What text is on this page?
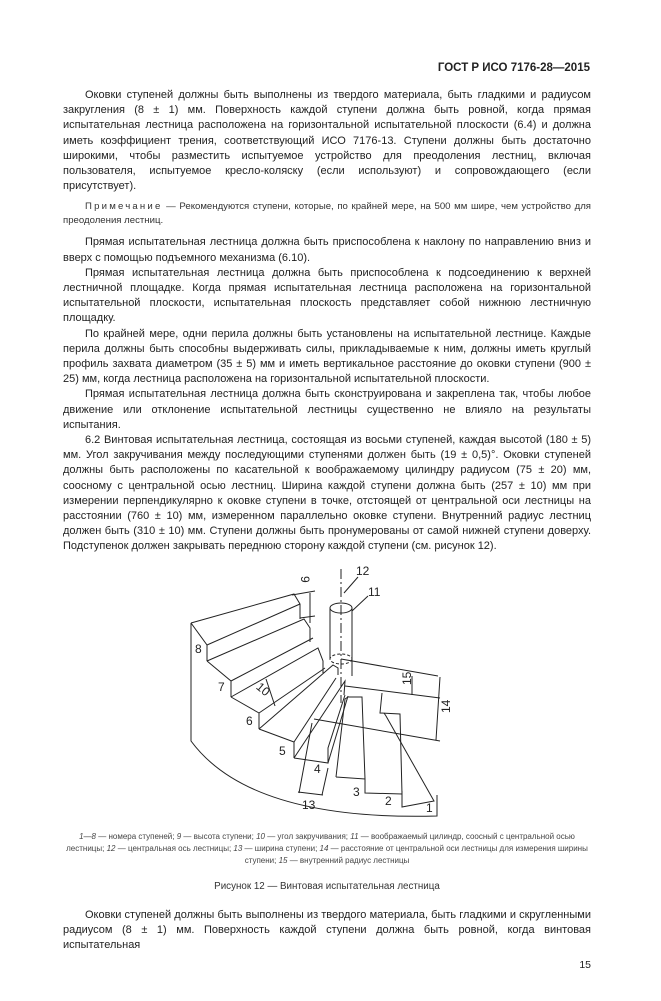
ГОСТ Р ИСО 7176-28—2015

Оковки ступеней должны быть выполнены из твердого материала, быть гладкими и радиусом закругления (8 ± 1) мм. Поверхность каждой ступени должна быть ровной, когда прямая испытательная лестница расположена на горизонтальной испытательной плоскости (6.4) и должна иметь коэффициент трения, соответствующий ИСО 7176-13. Ступени должны быть достаточно широкими, чтобы разместить испытуемое устройство для преодоления лестниц, включая пользователя, испытуемое кресло-коляску (если используют) и сопровождающего (если присутствует).

Примечание — Рекомендуются ступени, которые, по крайней мере, на 500 мм шире, чем устройство для преодоления лестниц.

Прямая испытательная лестница должна быть приспособлена к наклону по направлению вниз и вверх с помощью подъемного механизма (6.10).

Прямая испытательная лестница должна быть приспособлена к подсоединению к верхней лестничной площадке. Когда прямая испытательная лестница расположена на горизонтальной испытательной плоскости, испытательная плоскость представляет собой нижнюю лестничную площадку.

По крайней мере, одни перила должны быть установлены на испытательной лестнице. Каждые перила должны быть способны выдерживать силы, прикладываемые к ним, должны иметь круглый профиль захвата диаметром (35 ± 5) мм и иметь вертикальное расстояние до оковки ступени (900 ± 25) мм, когда лестница расположена на горизонтальной испытательной плоскости.

Прямая испытательная лестница должна быть сконструирована и закреплена так, чтобы любое движение или отклонение испытательной лестницы существенно не влияло на результаты испытания.

6.2 Винтовая испытательная лестница, состоящая из восьми ступеней, каждая высотой (180 ± 5) мм. Угол закручивания между последующими ступенями должен быть (19 ± 0,5)°. Оковки ступеней должны быть расположены по касательной к воображаемому цилиндру радиусом (75 ± 20) мм, соосному с центральной осью лестниц. Ширина каждой ступени должна быть (257 ± 10) мм при измерении перпендикулярно к оковке ступени в точке, отстоящей от центральной оси лестницы на расстоянии (760 ± 10) мм, измеренном параллельно оковке ступени. Внутренний радиус лестниц должен быть (310 ± 10) мм. Ступени должны быть пронумерованы от самой нижней ступени доверху. Подступенок должен закрывать переднюю сторону каждой ступени (см. рисунок 12).

8
7
6
5
4
3
2	1
9
10
11
12
13
14
15
1—8 — номера ступеней; 9 — высота ступени; 10 — угол закручивания; 11 — воображаемый цилиндр, соосный с центральной осью лестницы; 12 — центральная ось лестницы; 13 — ширина ступени; 14 — расстояние от центральной оси лестницы для измерения ширины ступени; 15 — внутренний радиус лестницы
Рисунок 12 — Винтовая испытательная лестница

Оковки ступеней должны быть выполнены из твердого материала, быть гладкими и скругленными радиусом (8 ± 1) мм. Поверхность каждой ступени должна быть ровной, когда винтовая испытательная

15
